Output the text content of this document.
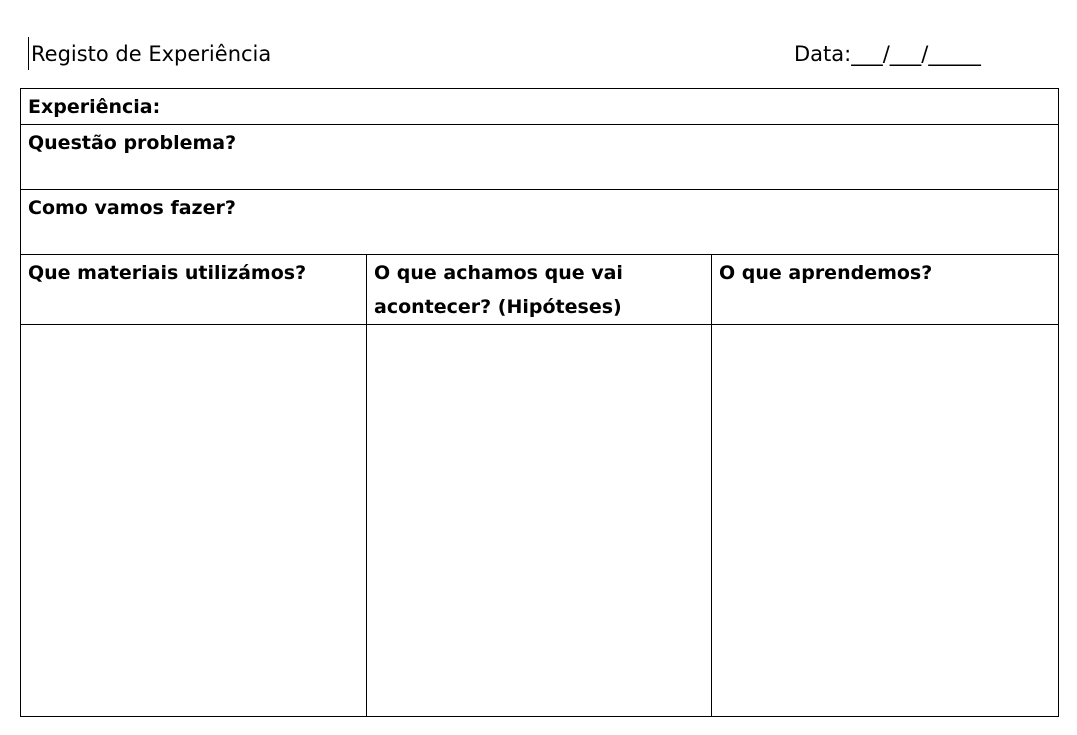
Registo de Experiência	Data:___/___/_____
Experiência:		
Questão problema?		
Como vamos fazer?		
Que materiais utilizámos?	O que achamos que vai acontecer? (Hipóteses)	O que aprendemos?
